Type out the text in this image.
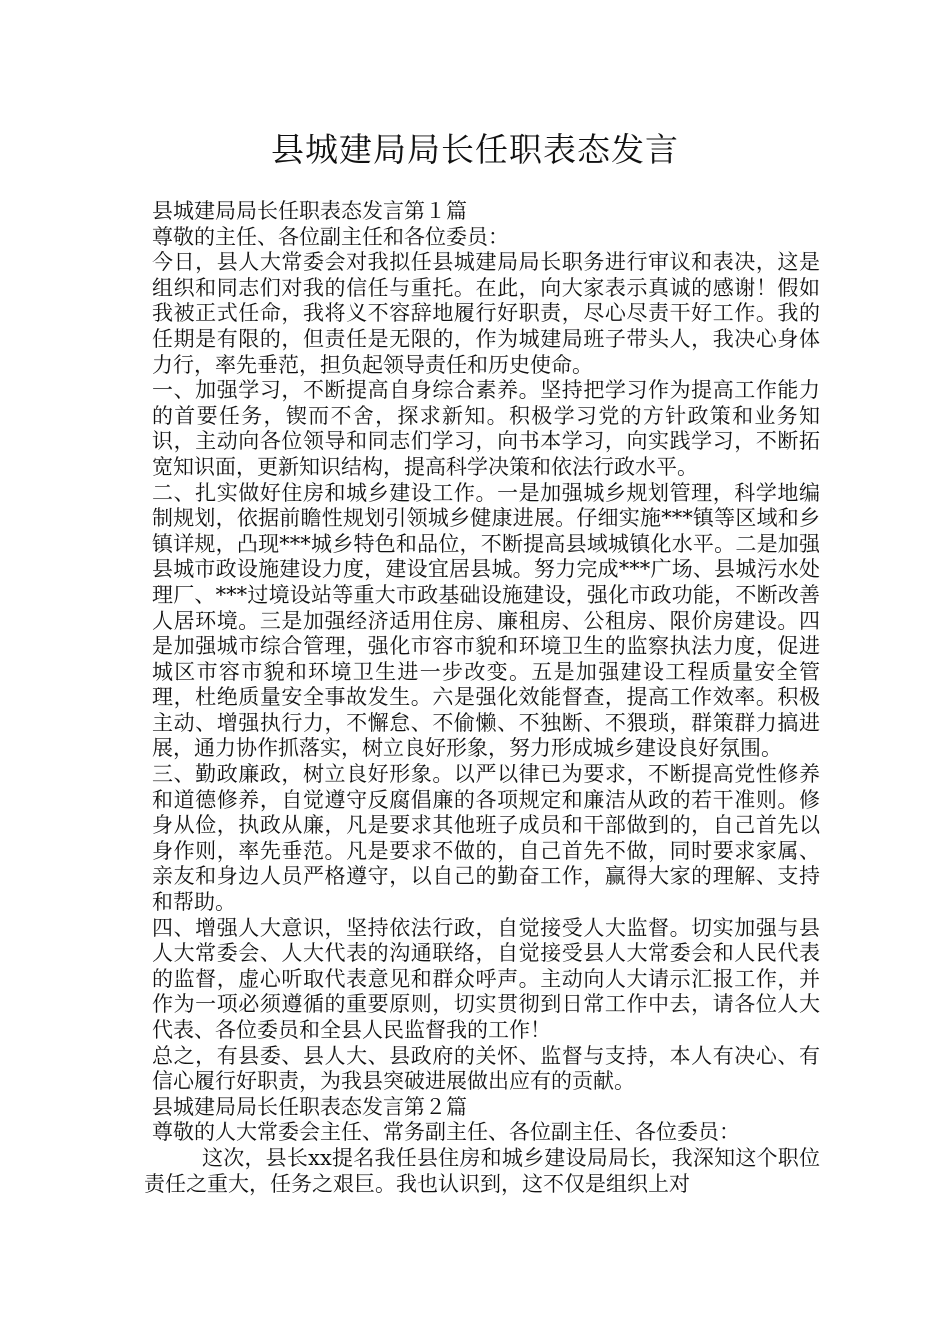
县城建局局长任职表态发言

县城建局局长任职表态发言第１篇

尊敬的主任、各位副主任和各位委员：

今日，县人大常委会对我拟任县城建局局长职务进行审议和表决，这是组织和同志们对我的信任与重托。在此，向大家表示真诚的感谢！假如我被正式任命，我将义不容辞地履行好职责，尽心尽责干好工作。我的任期是有限的，但责任是无限的，作为城建局班子带头人，我决心身体力行，率先垂范，担负起领导责任和历史使命。

一、加强学习，不断提高自身综合素养。坚持把学习作为提高工作能力的首要任务，锲而不舍，探求新知。积极学习党的方针政策和业务知识，主动向各位领导和同志们学习，向书本学习，向实践学习，不断拓宽知识面，更新知识结构，提高科学决策和依法行政水平。

二、扎实做好住房和城乡建设工作。一是加强城乡规划管理，科学地编制规划，依据前瞻性规划引领城乡健康进展。仔细实施***镇等区域和乡镇详规，凸现***城乡特色和品位，不断提高县域城镇化水平。二是加强县城市政设施建设力度，建设宜居县城。努力完成***广场、县城污水处理厂、***过境设站等重大市政基础设施建设，强化市政功能，不断改善人居环境。三是加强经济适用住房、廉租房、公租房、限价房建设。四是加强城市综合管理，强化市容市貌和环境卫生的监察执法力度，促进城区市容市貌和环境卫生进一步改变。五是加强建设工程质量安全管理，杜绝质量安全事故发生。六是强化效能督查，提高工作效率。积极主动、增强执行力，不懈怠、不偷懒、不独断、不猥琐，群策群力搞进展，通力协作抓落实，树立良好形象，努力形成城乡建设良好氛围。

三、勤政廉政，树立良好形象。以严以律已为要求，不断提高党性修养和道德修养，自觉遵守反腐倡廉的各项规定和廉洁从政的若干准则。修身从俭，执政从廉，凡是要求其他班子成员和干部做到的，自己首先以身作则，率先垂范。凡是要求不做的，自己首先不做，同时要求家属、亲友和身边人员严格遵守，以自己的勤奋工作，赢得大家的理解、支持和帮助。

四、增强人大意识，坚持依法行政，自觉接受人大监督。切实加强与县人大常委会、人大代表的沟通联络，自觉接受县人大常委会和人民代表的监督，虚心听取代表意见和群众呼声。主动向人大请示汇报工作，并作为一项必须遵循的重要原则，切实贯彻到日常工作中去，请各位人大代表、各位委员和全县人民监督我的工作！

总之，有县委、县人大、县政府的关怀、监督与支持，本人有决心、有信心履行好职责，为我县突破进展做出应有的贡献。

县城建局局长任职表态发言第２篇

尊敬的人大常委会主任、常务副主任、各位副主任、各位委员：

这次，县长xx提名我任县住房和城乡建设局局长，我深知这个职位责任之重大，任务之艰巨。我也认识到，这不仅是组织上对
